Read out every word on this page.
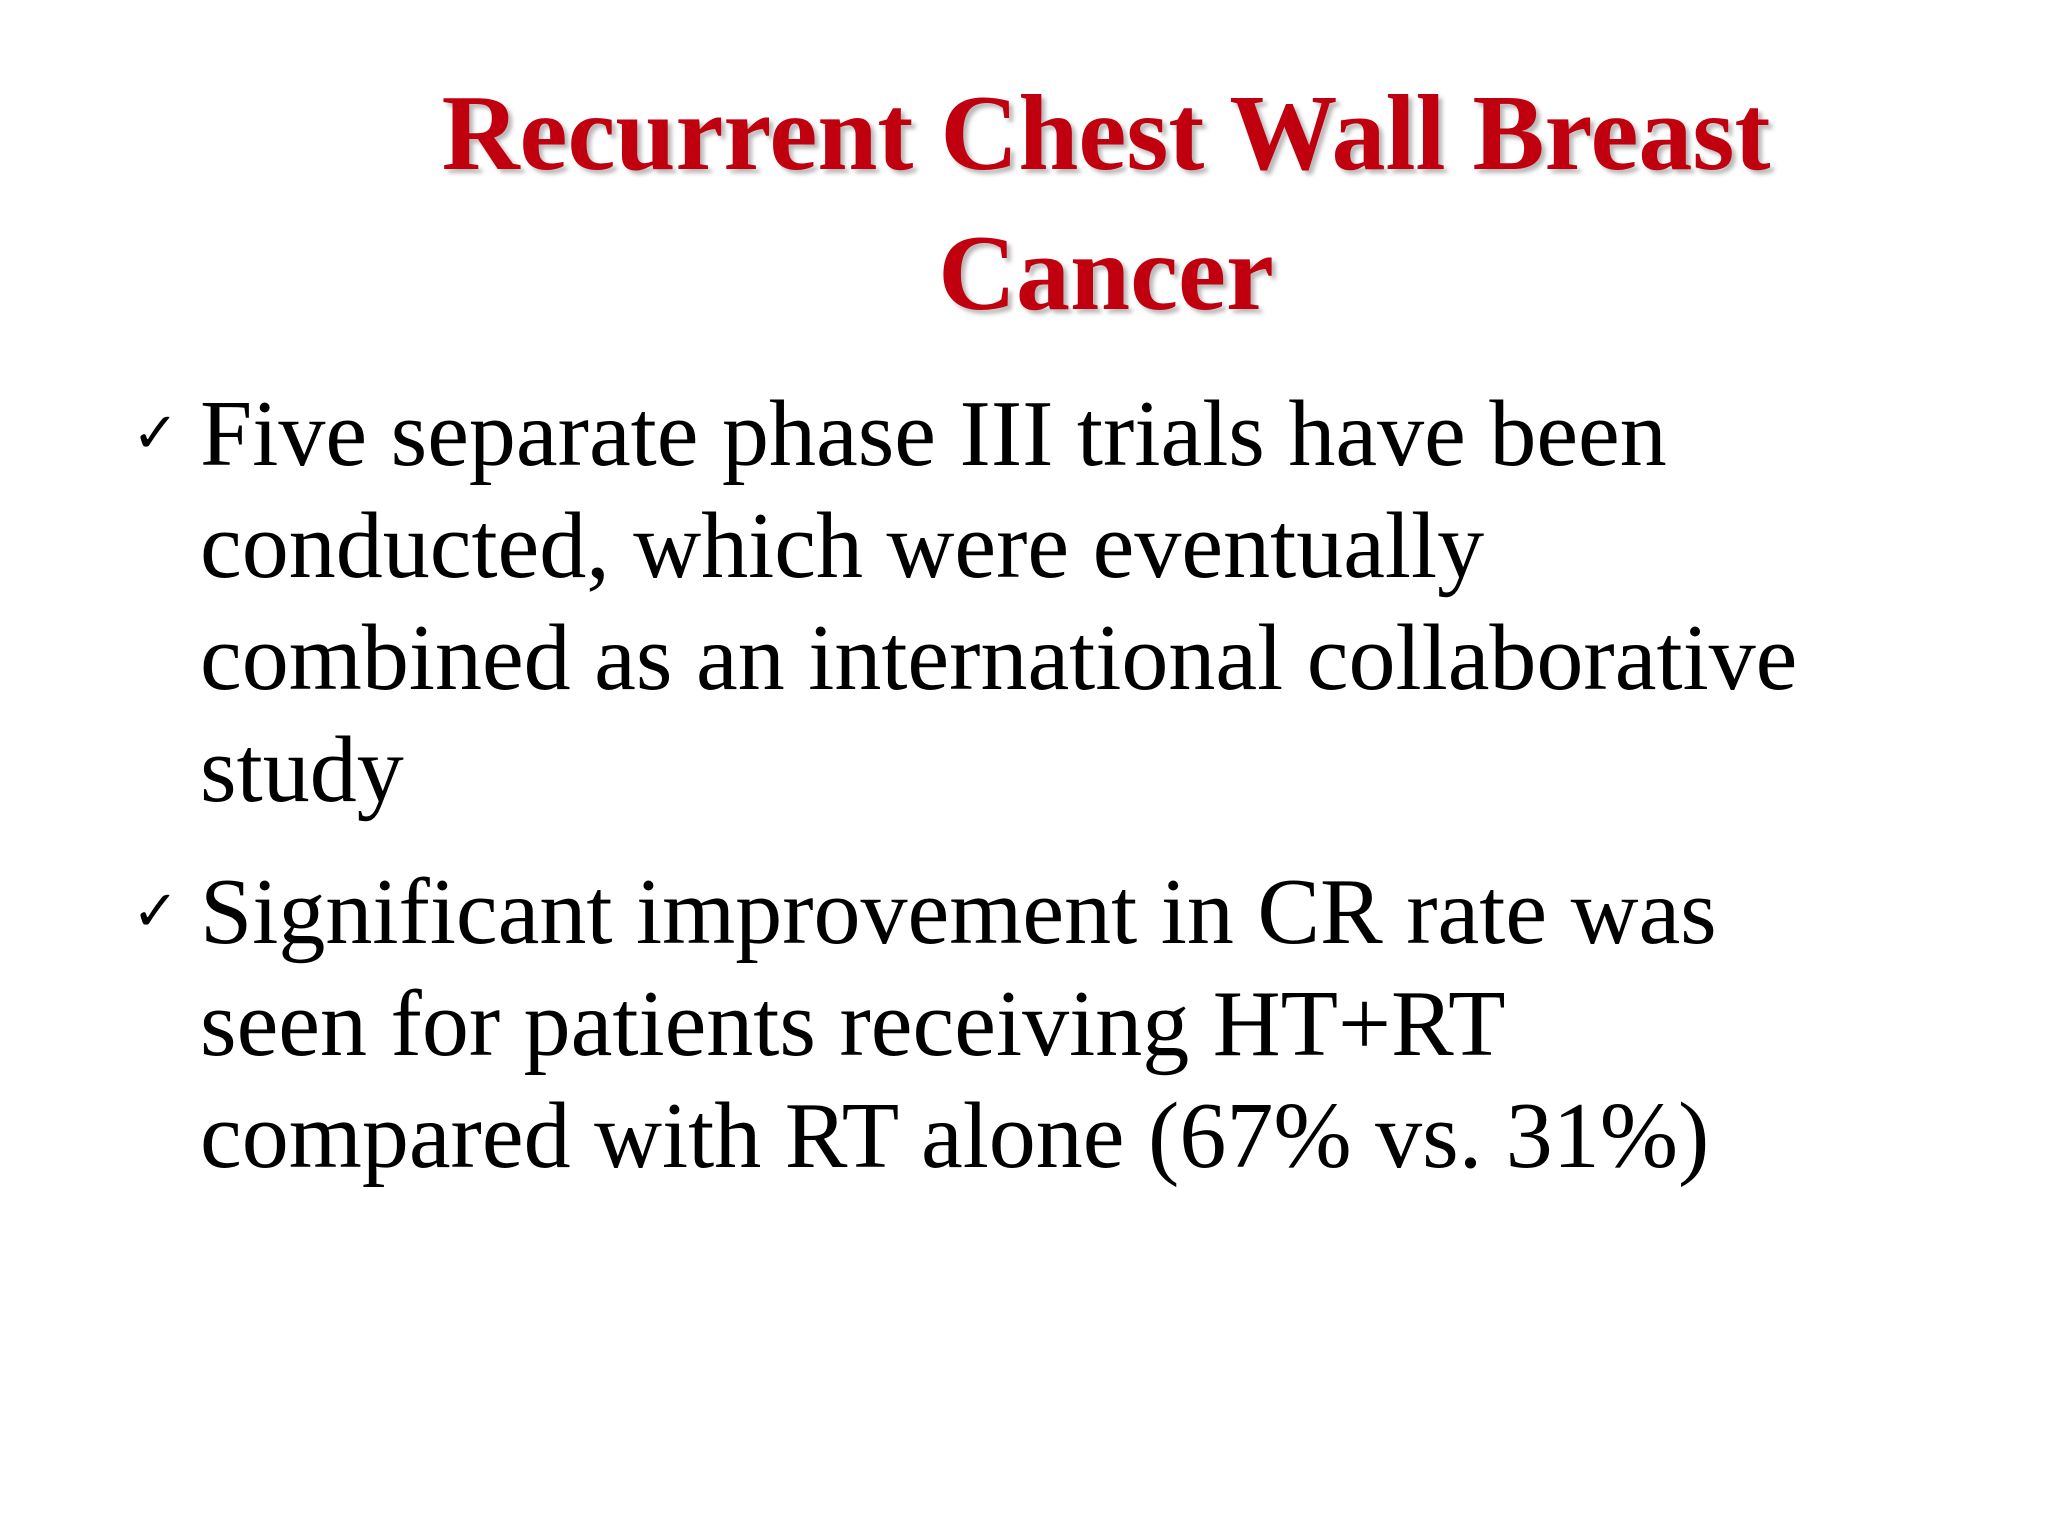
Recurrent Chest Wall Breast
Cancer
✓ Five separate phase III trials have been
conducted, which were eventually
combined as an international collaborative
study
✓ Significant improvement in CR rate was
seen for patients receiving HT+RT
compared with RT alone (67% vs. 31%)
